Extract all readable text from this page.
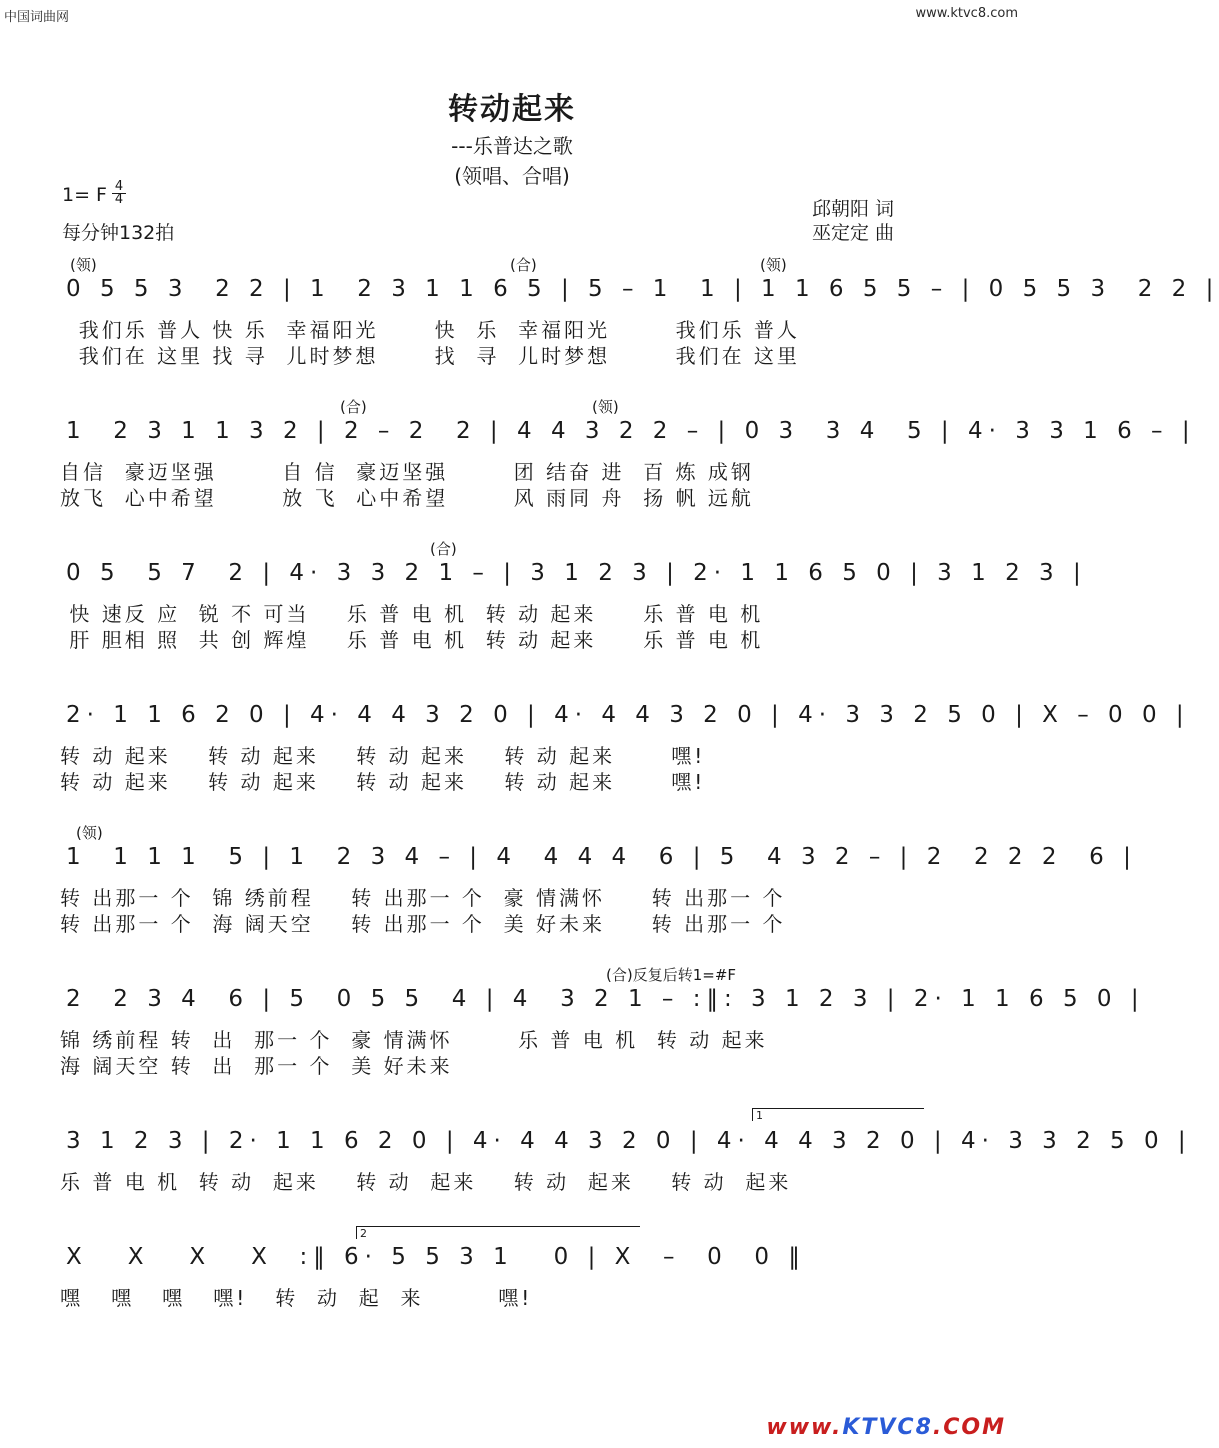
中国词曲网	www.ktvc8.com
转动起来
---乐普达之歌
(领唱、合唱)
1= F 4
4
每分钟132拍
邱朝阳 词
巫定定 曲
(领)	(合)	(领)
0 5 5 3  2 2 | 1  2 3 1 1 6 5 | 5 – 1  1 | 1 1 6 5 5 – | 0 5 5 3  2 2 |
我们乐 普人 快 乐  幸福阳光      快  乐  幸福阳光       我们乐 普人
我们在 这里 找 寻  儿时梦想      找  寻  儿时梦想       我们在 这里
(合)	(领)
1  2 3 1 1 3 2 | 2 – 2  2 | 4 4 3 2 2 – | 0 3  3 4  5 | 4· 3 3 1 6 – |
自信  豪迈坚强       自 信  豪迈坚强       团 结奋 进  百 炼 成钢
放飞  心中希望       放 飞  心中希望       风 雨同 舟  扬 帆 远航
(合)
0 5  5 7  2 | 4· 3 3 2 1 – | 3 1 2 3 | 2· 1 1 6 5 0 | 3 1 2 3 |
快 速反 应  锐 不 可当    乐 普 电 机  转 动 起来     乐 普 电 机
肝 胆相 照  共 创 辉煌    乐 普 电 机  转 动 起来     乐 普 电 机
2· 1 1 6 2 0 | 4· 4 4 3 2 0 | 4· 4 4 3 2 0 | 4· 3 3 2 5 0 | X – 0 0 |
转 动 起来    转 动 起来    转 动 起来    转 动 起来      嘿!
转 动 起来    转 动 起来    转 动 起来    转 动 起来      嘿!
(领)
1  1 1 1  5 | 1  2 3 4 – | 4  4 4 4  6 | 5  4 3 2 – | 2  2 2 2  6 |
转 出那一 个  锦 绣前程    转 出那一 个  豪 情满怀     转 出那一 个
转 出那一 个  海 阔天空    转 出那一 个  美 好未来     转 出那一 个
(合)反复后转1=#F
2  2 3 4  6 | 5  0 5 5  4 | 4  3 2 1 – :‖: 3 1 2 3 | 2· 1 1 6 5 0 |
锦 绣前程 转  出  那一 个  豪 情满怀       乐 普 电 机  转 动 起来
海 阔天空 转  出  那一 个  美 好未来
1
3 1 2 3 | 2· 1 1 6 2 0 | 4· 4 4 3 2 0 | 4· 4 4 3 2 0 | 4· 3 3 2 5 0 |
乐 普 电 机  转 动  起来    转 动  起来    转 动  起来    转 动  起来
2
X   X   X   X  :‖ 6· 5 5 3 1   0 | X  –  0  0 ‖
嘿   嘿   嘿   嘿!   转  动  起  来        嘿!
www.KTVC8.COM
